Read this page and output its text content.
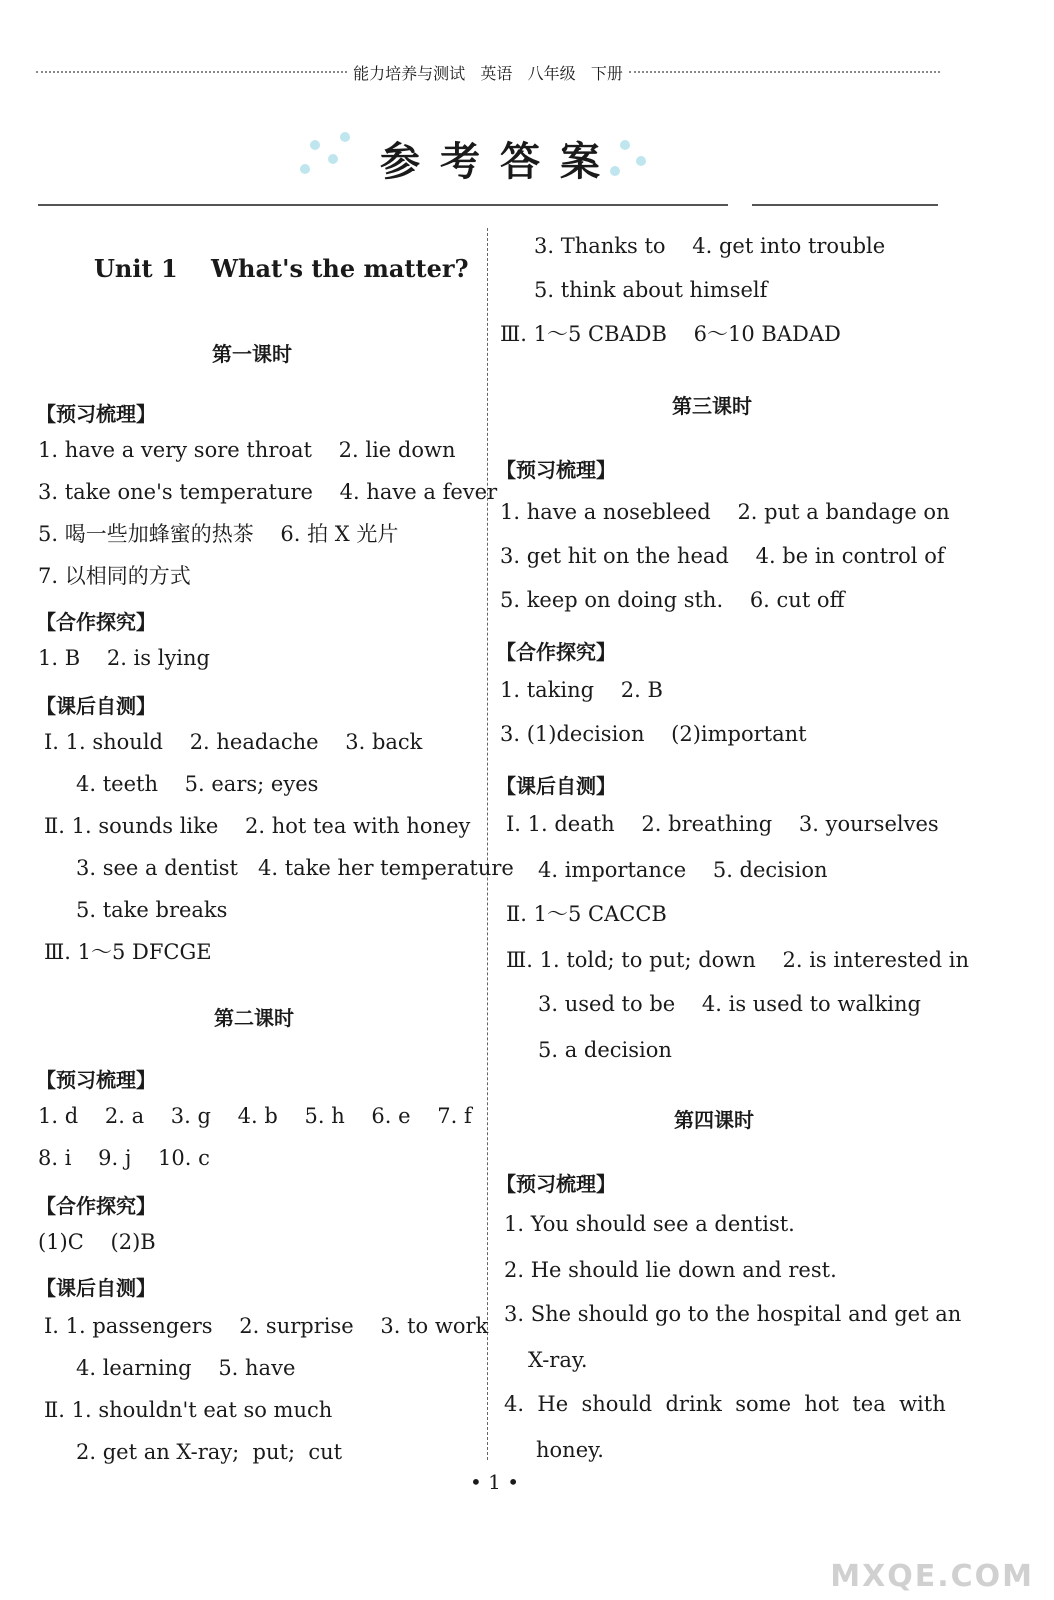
能力培养与测试   英语   八年级   下册
参考答案
Unit 1    What's the matter?
第一课时
【预习梳理】
1. have a very sore throat    2. lie down
3. take one's temperature    4. have a fever
5. 喝一些加蜂蜜的热茶    6. 拍 X 光片
7. 以相同的方式
【合作探究】
1. B    2. is lying
【课后自测】
Ⅰ. 1. should    2. headache    3. back
4. teeth    5. ears; eyes
Ⅱ. 1. sounds like    2. hot tea with honey
3. see a dentist   4. take her temperature
5. take breaks
Ⅲ. 1～5 DFCGE
第二课时
【预习梳理】
1. d    2. a    3. g    4. b    5. h    6. e    7. f
8. i    9. j    10. c
【合作探究】
(1)C    (2)B
【课后自测】
Ⅰ. 1. passengers    2. surprise    3. to work
4. learning    5. have
Ⅱ. 1. shouldn't eat so much
2. get an X-ray;  put;  cut
3. Thanks to    4. get into trouble
5. think about himself
Ⅲ. 1～5 CBADB    6～10 BADAD
第三课时
【预习梳理】
1. have a nosebleed    2. put a bandage on
3. get hit on the head    4. be in control of
5. keep on doing sth.    6. cut off
【合作探究】
1. taking    2. B
3. (1)decision    (2)important
【课后自测】
Ⅰ. 1. death    2. breathing    3. yourselves
4. importance    5. decision
Ⅱ. 1～5 CACCB
Ⅲ. 1. told; to put; down    2. is interested in
3. used to be    4. is used to walking
5. a decision
第四课时
【预习梳理】
1. You should see a dentist.
2. He should lie down and rest.
3. She should go to the hospital and get an
X-ray.
4.  He  should  drink  some  hot  tea  with
honey.
• 1 •
MXQE.COM
